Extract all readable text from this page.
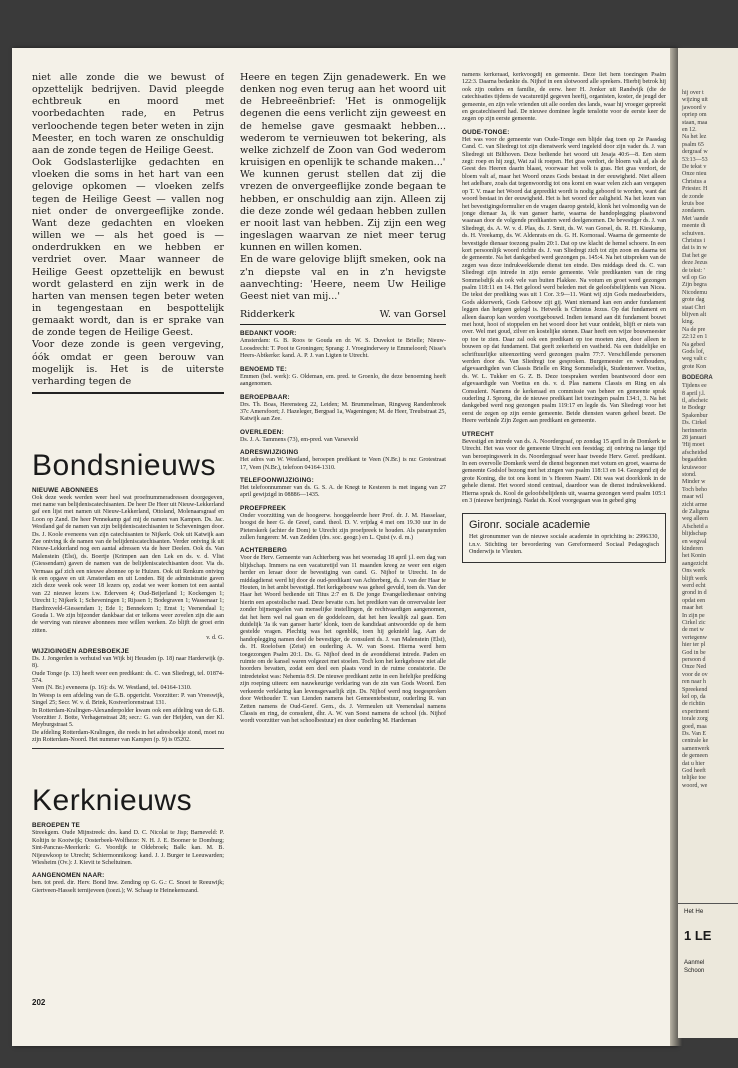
niet alle zonde die we bewust of opzettelijk bedrijven. David pleegde echtbreuk en moord met voorbedachten rade, en Petrus verloochende tegen beter weten in zijn Meester, en toch waren ze onschuldig aan de zonde tegen de Heilige Geest.

Ook Godslasterlijke gedachten en vloeken die soms in het hart van een gelovige opkomen — vloeken zelfs tegen de Heilige Geest — vallen nog niet onder de onvergeeflijke zonde. Want deze gedachten en vloeken willen we — als het goed is — onderdrukken en we hebben er verdriet over. Maar wanneer de Heilige Geest opzettelijk en bewust wordt gelasterd en zijn werk in de harten van mensen tegen beter weten in tegengestaan en bespottelijk gemaakt wordt, dan is er sprake van de zonde tegen de Heilige Geest.

Voor deze zonde is geen vergeving, óók omdat er geen berouw van mogelijk is. Het is de uiterste verharding tegen de

Bondsnieuws
NIEUWE ABONNEES
Ook deze week werden weer heel wat proefnummeradressen doorgegeven, met name van belijdeniscatechisanten. De heer De Heer uit Nieuw-Lekkerland gaf een lijst met namen uit Nieuw-Lekkerland, Ottoland, Molenaarsgraaf en Loon op Zand. De heer Pennekamp gaf mij de namen van Kampen. Ds. Jac. Westland gaf de namen van zijn belijdeniscatechisanten te Scheveningen door. Ds. J. Koole eveneens van zijn catechisanten te Nijkerk. Ook uit Katwijk aan Zee ontving ik de namen van de belijdeniscatechisanten. Verder ontving ik uit Nieuw-Lekkerland nog een aantal adressen via de heer Deelen. Ook ds. Van Malenstein (Elst), ds. Boertje (Krimpen aan den Lek en ds. v. d. Vlist (Giessendam) gaven de namen van de belijdeniscatechisanten door. Via ds. Vermaas gaf zich een nieuwe abonnee op te Huizen. Ook uit Renkum ontving ik een opgave en uit Amsterdam en uit Londen. Bij de administratie gaven zich deze week ook weer 18 lezers op, zodat we weer komen tot een aantal van 22 nieuwe lezers i.w. Ederveen 4; Oud-Beijerland 1; Kockengen 1; Utrecht 1; Nijkerk 1; Scheveningen 1; Rijssen 1; Bodegraven 1; Wassenaar 1; Hardinxveld-Giessendam 1; Ede 1; Bennekom 1; Emst 1; Veenendaal 1; Gouda 1. We zijn bijzonder dankbaar dat er telkens weer zovelen zijn die aan de werving van nieuwe abonnees mee willen werken. Zo blijft de groei erin zitten.
v. d. G.
WIJZIGINGEN ADRESBOEKJE
Ds. J. Jongerden is verhuisd van Wijk bij Heusden (p. 18) naar Harderwijk (p. 8).
Oude Tonge (p. 13) heeft weer een predikant: ds. C. van Sliedregt, tel. 01874-574.
Veen (N. Br.) eveneens (p. 16): ds. W. Westland, tel. 04164-1310.
In Weesp is een afdeling van de G.B. opgericht. Voorzitter: P. van Vreeswijk, Singel 25; Secr. W. v. d. Brink, Kostverlorenstraat 131.
In Rotterdam-Kralingen-Alexanderpolder kwam ook een afdeling van de G.B. Voorzitter J. Botte, Verhagenstraat 28; secr.: G. van der Heijden, van der Kl. Meyburgstraat 5.
De afdeling Rotterdam-Kralingen, die reeds in het adresboekje stond, moet nu zijn Rotterdam-Noord. Het nummer van Kampen (p. 9) is 05202.
Kerknieuws
BEROEPEN TE
Streekgem. Oude Mijnstreek: drs. kand D. C. Nicolai te Jisp; Barneveld: P. Koltijn te Kootwijk; Oosterbeek-Wolfheze: N. H. J. E. Boomer te Domburg; Sint-Pancras-Meerkerk: G. Voordijk te Oldebroek; Balk: kan. M. B. Nijeuwkoop te Utrecht; Schiermonnikoog: kand. J. J. Burger te Leeuwarden; Wiesheim (Ov.): J. Kievit te Scheltuinen.
AANGENOMEN NAAR:
ben. tot pred. dir. Herv. Bond Inw. Zending op G. G.: C. Snoei te Reeuwijk; Giertveen-Hasselt ternijeveen (toezi.); W. Schaap te Heinekenszand.

Heere en tegen Zijn genadewerk. En we denken nog even terug aan het woord uit de Hebreeënbrief: 'Het is onmogelijk degenen die eens verlicht zijn geweest en de hemelse gave gesmaakt hebben... wederom te vernieuwen tot bekering, als welke zichzelf de Zoon van God wederom kruisigen en openlijk te schande maken...'

We kunnen gerust stellen dat zij die vrezen de onvergeeflijke zonde begaan te hebben, er onschuldig aan zijn. Alleen zij die deze zonde wél gedaan hebben zullen er nooit last van hebben. Zij zijn een weg ingeslagen waarvan ze niet meer terug kunnen en willen komen.

En de ware gelovige blijft smeken, ook na z'n diepste val en in z'n hevigste aanvechting: 'Heere, neem Uw Heilige Geest niet van mij...'

Ridderkerk	W. van Gorsel
BEDANKT VOOR:
Amsterdam: G. B. Roos te Gouda en dr. W. S. Duvekot te Brielle; Nieuw-Loosdrecht: T. Poot te Groningen; Sprang: J. Vroeginderwey te Emmeloord; Nisse's Heers-Abtkerke: kand. A. P. J. van Ligten te Utrecht.
BENOEMD TE:
Emmen (bel. werk): G. Oldeman, em. pred. te Groenlo, die deze benoeming heeft aangenomen.
BEROEPBAAR:
Drs. Th. Boas, Herensteeg 22, Leiden; M. Brummelman, Ringweg Randenbroek 37c Amersfoort; J. Hazeleger, Bergpad 1a, Wageningen; M. de Heer, Treubstraat 25, Katwijk aan Zee.
OVERLEDEN:
Ds. J. A. Tammens (73), em-pred. van Varseveld
ADRESWIJZIGING
Het adres van W. Westland, beroepen predikant te Veen (N.Br.) is nu: Grotestraat 17, Veen (N.Br.), telefoon 04164-1310.
TELEFOONWIJZIGING:
Het telefoonnummer van ds. G. S. A. de Knegt te Kesteren is met ingang van 27 april gewijzigd in 08886—1435.
PROEFPREEK
Onder voorzitting van de hoogeerw. hooggeleerde heer Prof. dr. J. M. Hasselaar, hoogst de heer G. de Greef, cand. theol. D. V. vrijdag 4 mei om 19.30 uur in de Pieterskerk (achter de Dom) te Utrecht zijn proefpreek te houden. Als paranymfen zullen fungeren: M. van Zedden (drs. soc. geogr.) en L. Quist (v. d. m.)
ACHTERBERG
Voor de Herv. Gemeente van Achterberg was het woensdag 18 april j.l. een dag van blijdschap. Immers na een vacaturetijd van 11 maanden kreeg ze weer een eigen herder en leraar door de bevestiging van cand. G. Nijhof te Utrecht. In de middagdienst werd hij door de oud-predikant van Achterberg, ds. J. van der Haar te Houten, in het ambt bevestigd. Het kerkgebouw was geheel gevuld, toen ds. Van der Haar het Woord bediende uit Titus 2:7 en 8. De jonge Evangeliedienaar ontving hierin een apostolische raad. Deze bevatte o.m. het prediken van de onvervalste leer zonder bijmengselen van menselijke instellingen, de rechtvaardigen aangenomen, dat het hem wel nal gaan en de goddelozen, dat het hen kwalijk zal gaan. Een duidelijk 'Ja ik van ganser harte' klonk, toen de kandidaat antwoordde op de hem gestelde vragen. Plechtig was het ogenblik, toen hij geknield lag. Aan de handoplegging namen deel de bevestiger, de consulent ds. J. van Malenstein (Elst), ds. H. Roelofsen (Zeist) en ouderling A. W. van Soest. Hierna werd hem toegezongen Psalm 20:1. Ds. G. Nijhof deed in de avonddienst intrede. Paden en ruimte om de kansel waren volgezet met stoelen. Toch kon het kerkgebouw niet alle hoorders bevatten, zodat een deel een plaats vond in de ruime consistorie. De intredetekst was: Nehemia 8:9. De nieuwe predikant zette in een liefelijke prediking zijn roeping uiteen: een nauwkeurige verklaring van de zin van Gods Woord. Een verkeerde verklaring kan levensgevaarlijk zijn. Ds. Nijhof werd nog toegesproken door Wethouder T. van Lienden namens het Gemeentebestuur, ouderling R. van Zetten namens de Oud-Geref. Gem., ds. J. Vermeulen uit Veenendaal namens Classis en ring, de consulent, dhr. A. W. van Soest namens de school (ds. Nijhof wordt voorzitter van het schoolbestuur) en door ouderling M. Hardeman
namens kerkeraad, kerkvoogdij en gemeente. Deze liet hem toezingen Psalm 122:3. Daarna bedankte ds. Nijhof in een slotwoord alle sprekers. Hierbij betrok hij ook zijn ouders en familie, de eerw. heer H. Jonker uit Randwijk (die de catechisaties tijdens de vacaturetijd gegeven heeft), organisten, koster, de jeugd der gemeente, en zijn vele vrienden uit alle oorden des lands, waar hij vroeger gepreekt en gecatechiseerd had. De nieuwe dominee legde tenslotte voor de eerste keer de zegen op zijn eerste gemeente.
OUDE-TONGE:
Het was voor de gemeente van Oude-Tonge een blijde dag toen op 2e Paasdag Cand. C. van Sliedregt tot zijn dienstwerk werd ingeleid door zijn vader ds. J. van Sliedregt uit Bilthoven. Deze bediende het woord uit Jesaja 40:6—8. Een stem zegt: roep en hij zegt, Wat zal ik roepen. Het gras verdort, de bloem valt af, als de Geest des Heeren daarin blaast, voorwaar het volk is gras. Het gras verdort, de bloem valt af, maar het Woord onzes Gods bestaat in der eeuwigheid. Niet alleen het adelbare, zoals dat tegenwoordig tot ons komt en waar velen zich aan vergapen op T. V. maar het Woord dat gepredikt wordt is nodig geboord te worden, want dat woord bestaat in der eeuwigheid. Het is het woord der zaligheid. Na het lezen van het bevestigingsformulier en de vragen daarop gesteld, klonk het volmondig van de jonge dienaar Ja, ik van ganser harte, waarna de handoplegging plaatsvond waaraan door de volgende predikanten werd deelgenomen. De bevestiger ds. J. van Sliedregt, ds. A. W. v. d. Plas, ds. J. Smit, ds. W. van Gorsel, ds. R. H. Kieskamp, ds. H. Vreekamp, ds. W. Aldenrats en ds. G. H. Kornoraal. Waarna de gemeente de bevestigde dienaar toezong psalm 20:1. Dat op uw klacht de hemel schoere. In een kort persoonlijk woord richtte ds. J. van Sliedregt zich tot zijn zoon en daarna tot de gemeente. Na het dankgebed werd gezongen ps. 145:4. Na het uitspreken van de zegen was deze indrukwekkende dienst ten einde. Des middags deed ds. C. van Sliedregt zijn intrede in zijn eerste gemeente. Vele predikanten van de ring Sommelsdijk als ook vele van buiten Flakkee. Na votum en groet werd gezongen psalm 118:11 en 14. Het gelood werd beleden met de geloofsbelijdenis van Nicea. De tekst der prediking was uit 1 Cor. 3:9—11. Want wij zijn Gods medearbeiders, Gods akkerwerk, Gods Gebouw zijt gij. Want niemand kan een ander fundament leggen dan hetgeen gelegd is. Hetwelk is Christus Jezus. Op dat fundament en alleen daarop kan worden voortgebouwd. Indien iemand aan dit fundament bouwt met hout, hooi of stoppelen en het woord door het vuur ontdekt, blijft er niets van over. Wel met goud, zilver en kostelijke stenen. Daar heeft een wijze bouwmeester op toe te zien. Daar zal ook een predikant op toe moeten zien, door alleen te bouwen op dat fundament. Dat geeft zekerheid en vastheid. Na een duidelijke en schriftuurlijke uiteenzetting werd gezongen psalm 77:7. Verschillende personen werden door ds. Van Sliedregt toe gesproken. Burgemeester en wethouders, afgevaardigden van Classis Brielle en Ring Sommelsdijk, Studentenver. Voetius, ds. W. L. Tukker en G. Z. B. Deze toespraken werden beantwoord door een afgevaardigde van Voetius en ds. v. d. Plas namens Classis en Ring en als Consulent. Namens de kerkeraad en commissie van beheer en gemeente sprak ouderling J. Sprong, die de nieuwe predikant liet toezingen psalm 134:1, 3. Na het dankgebed werd nog gezongen psalm 119:17 en legde ds. Van Sliedregt voor het eerst de zegen op zijn eerste gemeente. Beide diensten waren geheel bezet. De Heere verbinde Zijn Zegen aan predikant en gemeente.
UTRECHT
Bevestigd en intrede van ds. A. Noordergraaf, op zondag 15 april in de Domkerk te Utrecht. Het was voor de gemeente Utrecht een feestdag; zij ontving na lange tijd van beroepingswerk in ds. Noordergraaf weer haar tweede Herv. Geref. predikant. In een overvolle Domkerk werd de dienst begonnen met votum en groet, waarna de gemeente Godslof bezong met het zingen van psalm 118:13 en 14. Gezegend zij de grote Koning, die tot ons komt in 's Heeren Naam'. Dit was wat doorklonk in de gehele dienst. Het woord stond centraal, daardoor was de dienst indrukwekkend. Hierna sprak ds. Kool de geloofsbelijdenis uit, waarna gezongen werd psalm 105:1 en 3 (nieuwe berijming). Nadat ds. Kool voorgegaan was in gebed ging
Gironr. sociale academie
Het gironummer van de nieuwe sociale academie in oprichting is: 2996330, t.n.v. Stichting ter bevordering van Gereformeerd Sociaal Pedagogisch Onderwijs te Vleuten.
202
hij over t
wijzing uit
jawoord v
opriep om
staan, maa
en 12.
Na het lez
psalm 65
dergraaf w
53:13—53
De tekst v
Onze nieu
Christus a
Priester. H
de zonde
kruis boe
zondaren.
Met 'aande
meente di
schuiven.
Christus i
dat is in w
Dat het ge
deze Jezus
de tekst: '
wil op Go
Zijn begra
Nicodemu
grote dag
staat Chri
blijven alt
king.
Na de pre
22:12 en 1
Na gebed
Gods lof,
weg valt c
grote Kon
BODEGRA
Tijdens ee
8 april j.l.
tl, afscheic
te Bodegr
Spakenbur
Ds. Cirkel
herinnerin
28 januari
'Hij moet
afscheidsd
begaafden
kruiswoor
stond.
Minder w
Toch beho
maar wil
zicht arme
de Zaligma
weg alleen
Afscheid a
blijdschap
en wegval
kinderen
het Konin
aangezicht
Ons werk
blijft werk
werd echt
grond in d
opdat een
maar het
In zijn pe
Cirkel zic
de met w
vertegenw
hier ter pl
God in be
persoon d
Onze Ned
voor de ov
ren naar h
Spreekend
kel op, da
de richtin
experiment
torale zorg
goed, maa
Ds. Van E
centrale ke
samenwerk
de gemeen
dat u hier
God heeft
telijke toe
woord, we
Het He
1 LE
Aanmel
Schoon
